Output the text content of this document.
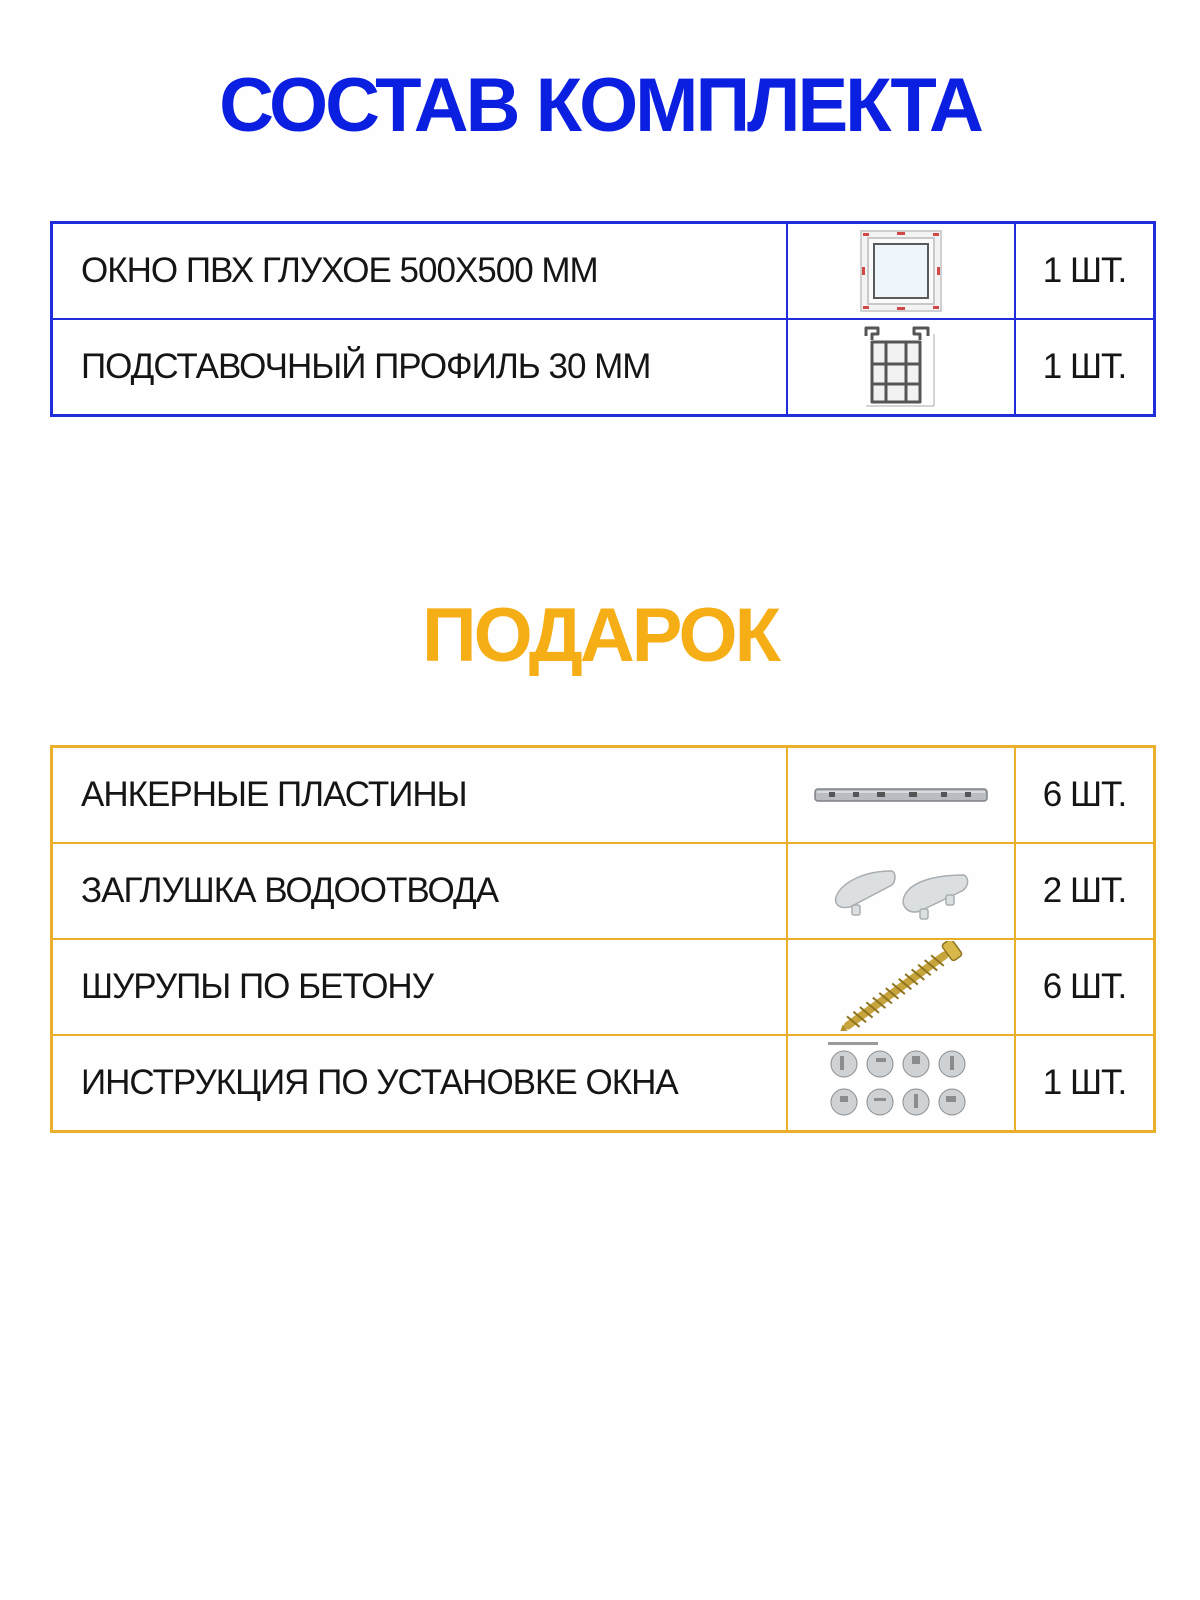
СОСТАВ КОМПЛЕКТА
ОКНО ПВХ ГЛУХОЕ 500Х500 ММ		1 ШТ.
ПОДСТАВОЧНЫЙ ПРОФИЛЬ 30 ММ		1 ШТ.
ПОДАРОК
АНКЕРНЫЕ ПЛАСТИНЫ		6 ШТ.
ЗАГЛУШКА ВОДООТВОДА		2 ШТ.
ШУРУПЫ ПО БЕТОНУ		6 ШТ.
ИНСТРУКЦИЯ ПО УСТАНОВКЕ ОКНА		1 ШТ.
